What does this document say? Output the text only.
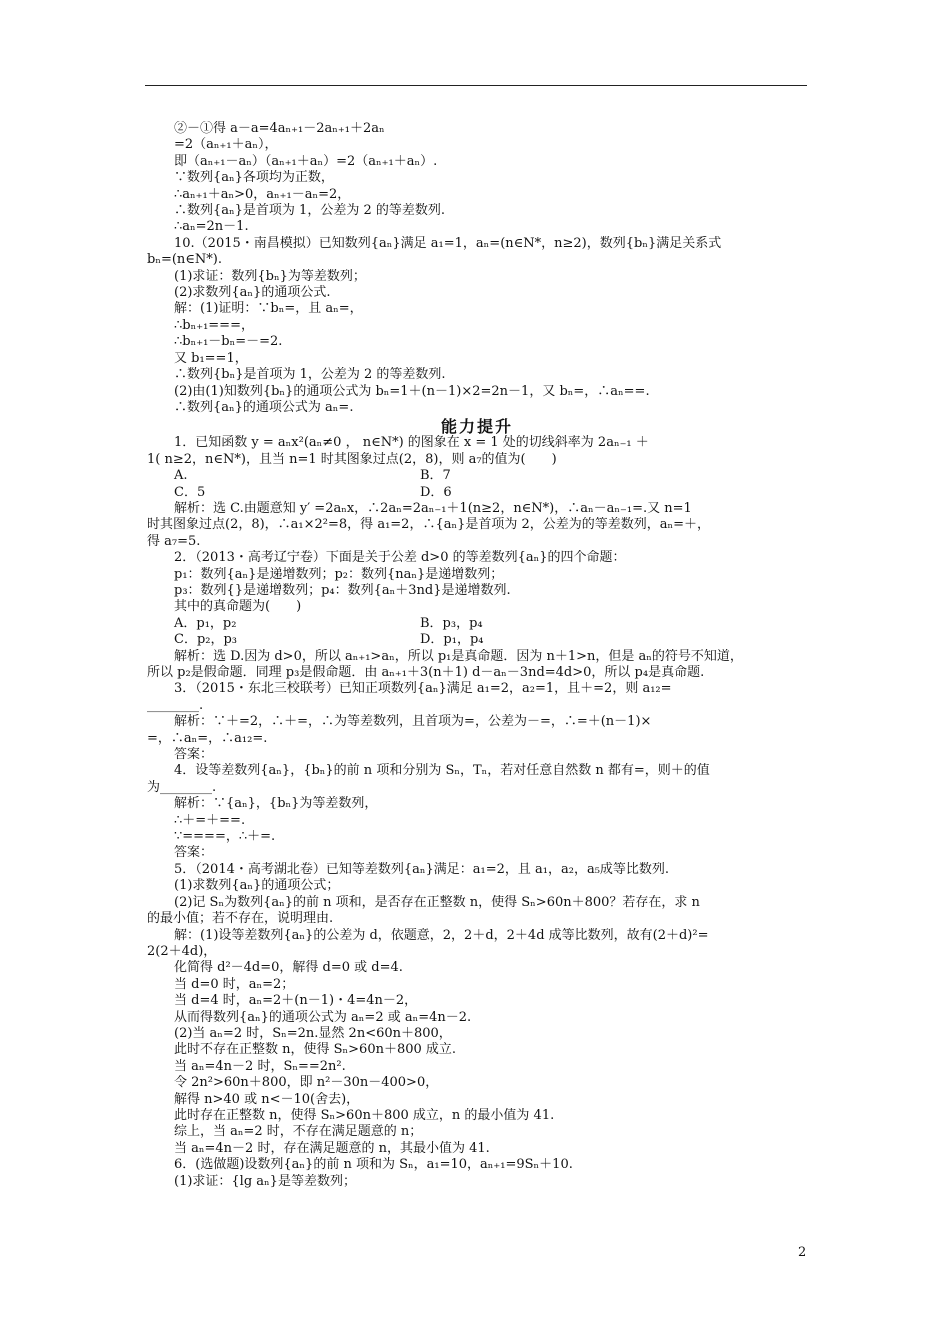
②－①得 a－a=4aₙ₊₁－2aₙ₊₁＋2aₙ
=2（aₙ₊₁＋aₙ），
即（aₙ₊₁－aₙ）（aₙ₊₁＋aₙ）=2（aₙ₊₁＋aₙ）.
∵数列{aₙ}各项均为正数，
∴aₙ₊₁＋aₙ>0，aₙ₊₁－aₙ=2，
∴数列{aₙ}是首项为 1，公差为 2 的等差数列.
∴aₙ=2n－1.
10.（2015・南昌模拟）已知数列{aₙ}满足 a₁=1，aₙ=(n∈N*，n≥2)，数列{bₙ}满足关系式
bₙ=(n∈N*).
(1)求证：数列{bₙ}为等差数列；
(2)求数列{aₙ}的通项公式.
解：(1)证明：∵bₙ=，且 aₙ=，
∴bₙ₊₁===，
∴bₙ₊₁－bₙ=－=2.
又 b₁==1，
∴数列{bₙ}是首项为 1，公差为 2 的等差数列.
(2)由(1)知数列{bₙ}的通项公式为 bₙ=1＋(n－1)×2=2n－1，又 bₙ=，∴aₙ==.
∴数列{aₙ}的通项公式为 aₙ=.
能力提升
1．已知函数 y = aₙx²(aₙ≠0 ， n∈N*) 的图象在 x = 1 处的切线斜率为 2aₙ₋₁ ＋
1( n≥2，n∈N*)，且当 n=1 时其图象过点(2，8)，则 a₇的值为(　　)
A.	B．7
C．5	D．6
解析：选 C.由题意知 y′ =2aₙx，∴2aₙ=2aₙ₋₁＋1(n≥2，n∈N*)，∴aₙ－aₙ₋₁=.又 n=1
时其图象过点(2，8)，∴a₁×2²=8，得 a₁=2，∴{aₙ}是首项为 2，公差为的等差数列，aₙ=＋，
得 a₇=5.
2．（2013・高考辽宁卷）下面是关于公差 d>0 的等差数列{aₙ}的四个命题：
p₁：数列{aₙ}是递增数列；p₂：数列{naₙ}是递增数列；
p₃：数列{}是递增数列；p₄：数列{aₙ＋3nd}是递增数列.
其中的真命题为(　　)
A．p₁，p₂	B．p₃，p₄
C．p₂，p₃	D．p₁，p₄
解析：选 D.因为 d>0，所以 aₙ₊₁>aₙ，所以 p₁是真命题．因为 n＋1>n，但是 aₙ的符号不知道，
所以 p₂是假命题．同理 p₃是假命题．由 aₙ₊₁＋3(n＋1) d－aₙ－3nd=4d>0，所以 p₄是真命题.
3．（2015・东北三校联考）已知正项数列{aₙ}满足 a₁=2，a₂=1，且＋=2，则 a₁₂=
________.
解析：∵＋=2，∴＋=，∴为等差数列，且首项为=，公差为－=，∴=＋(n－1)×
=，∴aₙ=，∴a₁₂=.
答案：
4．设等差数列{aₙ}，{bₙ}的前 n 项和分别为 Sₙ，Tₙ，若对任意自然数 n 都有=，则＋的值
为________.
解析：∵{aₙ}，{bₙ}为等差数列，
∴＋=＋==.
∵====，∴＋=.
答案：
5．（2014・高考湖北卷）已知等差数列{aₙ}满足：a₁=2，且 a₁，a₂，a₅成等比数列.
(1)求数列{aₙ}的通项公式；
(2)记 Sₙ为数列{aₙ}的前 n 项和，是否存在正整数 n，使得 Sₙ>60n＋800？若存在，求 n
的最小值；若不存在，说明理由.
解：(1)设等差数列{aₙ}的公差为 d，依题意，2，2＋d，2＋4d 成等比数列，故有(2＋d)²=
2(2＋4d)，
化简得 d²－4d=0，解得 d=0 或 d=4.
当 d=0 时，aₙ=2；
当 d=4 时，aₙ=2＋(n－1)・4=4n－2，
从而得数列{aₙ}的通项公式为 aₙ=2 或 aₙ=4n－2.
(2)当 aₙ=2 时，Sₙ=2n.显然 2n<60n＋800，
此时不存在正整数 n，使得 Sₙ>60n＋800 成立.
当 aₙ=4n－2 时，Sₙ==2n².
令 2n²>60n＋800，即 n²－30n－400>0，
解得 n>40 或 n<－10(舍去)，
此时存在正整数 n，使得 Sₙ>60n＋800 成立，n 的最小值为 41.
综上，当 aₙ=2 时，不存在满足题意的 n；
当 aₙ=4n－2 时，存在满足题意的 n，其最小值为 41.
6．(选做题)设数列{aₙ}的前 n 项和为 Sₙ，a₁=10，aₙ₊₁=9Sₙ＋10.
(1)求证：{lg aₙ}是等差数列；
2
